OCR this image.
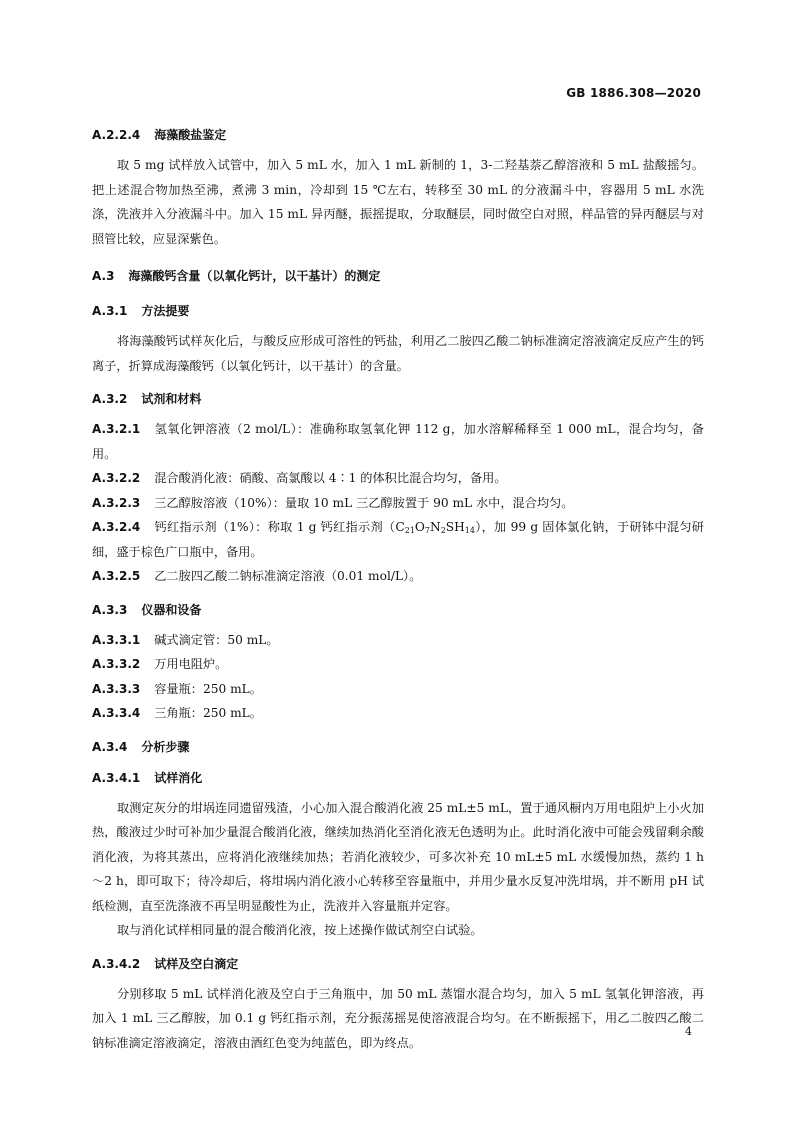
GB 1886.308—2020
A.2.2.4 海藻酸盐鉴定

取 5 mg 试样放入试管中，加入 5 mL 水，加入 1 mL 新制的 1，3-二羟基萘乙醇溶液和 5 mL 盐酸摇匀。把上述混合物加热至沸，煮沸 3 min，冷却到 15 ℃左右，转移至 30 mL 的分液漏斗中，容器用 5 mL 水洗涤，洗液并入分液漏斗中。加入 15 mL 异丙醚，振摇提取，分取醚层，同时做空白对照，样品管的异丙醚层与对照管比较，应显深紫色。

A.3 海藻酸钙含量（以氧化钙计，以干基计）的测定
A.3.1 方法提要

将海藻酸钙试样灰化后，与酸反应形成可溶性的钙盐，利用乙二胺四乙酸二钠标准滴定溶液滴定反应产生的钙离子，折算成海藻酸钙（以氧化钙计，以干基计）的含量。

A.3.2 试剂和材料

A.3.2.1 氢氧化钾溶液（2 mol/L）：准确称取氢氧化钾 112 g，加水溶解稀释至 1 000 mL，混合均匀，备用。

A.3.2.2 混合酸消化液：硝酸、高氯酸以 4∶1 的体积比混合均匀，备用。

A.3.2.3 三乙醇胺溶液（10%）：量取 10 mL 三乙醇胺置于 90 mL 水中，混合均匀。

A.3.2.4 钙红指示剂（1%）：称取 1 g 钙红指示剂$(C_{21}O_7N_2SH_{14})$，加 99 g 固体氯化钠，于研钵中混匀研细，盛于棕色广口瓶中，备用。

A.3.2.5 乙二胺四乙酸二钠标准滴定溶液（0.01 mol/L）。

A.3.3 仪器和设备

A.3.3.1 碱式滴定管：50 mL。

A.3.3.2 万用电阻炉。

A.3.3.3 容量瓶：250 mL。

A.3.3.4 三角瓶：250 mL。

A.3.4 分析步骤
A.3.4.1 试样消化

取测定灰分的坩埚连同遗留残渣，小心加入混合酸消化液 25 mL±5 mL，置于通风橱内万用电阻炉上小火加热，酸液过少时可补加少量混合酸消化液，继续加热消化至消化液无色透明为止。此时消化液中可能会残留剩余酸消化液，为将其蒸出，应将消化液继续加热；若消化液较少，可多次补充 10 mL±5 mL 水缓慢加热，蒸约 1 h ～2 h，即可取下；待冷却后，将坩埚内消化液小心转移至容量瓶中，并用少量水反复冲洗坩埚，并不断用 pH 试纸检测，直至洗涤液不再呈明显酸性为止，洗液并入容量瓶并定容。

取与消化试样相同量的混合酸消化液，按上述操作做试剂空白试验。

A.3.4.2 试样及空白滴定

分别移取 5 mL 试样消化液及空白于三角瓶中，加 50 mL 蒸馏水混合均匀，加入 5 mL 氢氧化钾溶液，再加入 1 mL 三乙醇胺，加 0.1 g 钙红指示剂，充分振荡摇晃使溶液混合均匀。在不断振摇下，用乙二胺四乙酸二钠标准滴定溶液滴定，溶液由酒红色变为纯蓝色，即为终点。

4
